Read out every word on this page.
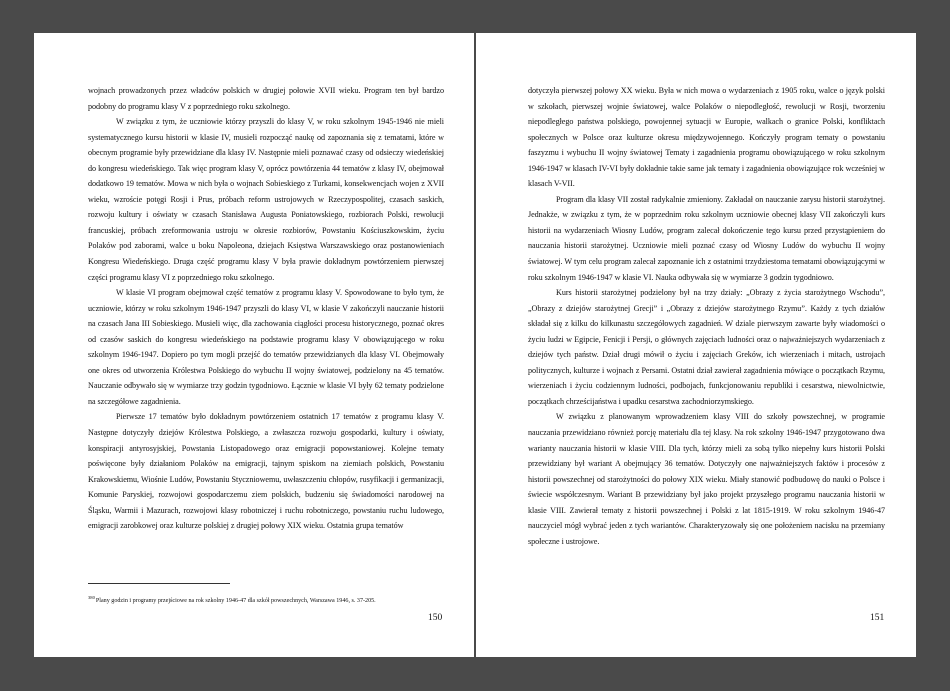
wojnach prowadzonych przez władców polskich w drugiej połowie XVII wieku. Program ten był bardzo podobny do programu klasy V z poprzedniego roku szkolnego.

W związku z tym, że uczniowie którzy przyszli do klasy V, w roku szkolnym 1945-1946 nie mieli systematycznego kursu historii w klasie IV, musieli rozpocząć naukę od zapoznania się z tematami, które w obecnym programie były przewidziane dla klasy IV. Następnie mieli poznawać czasy od odsieczy wiedeńskiej do kongresu wiedeńskiego. Tak więc program klasy V, oprócz powtórzenia 44 tematów z klasy IV, obejmował dodatkowo 19 tematów. Mowa w nich była o wojnach Sobieskiego z Turkami, konsekwencjach wojen z XVII wieku, wzroście potęgi Rosji i Prus, próbach reform ustrojowych w Rzeczypospolitej, czasach saskich, rozwoju kultury i oświaty w czasach Stanisława Augusta Poniatowskiego, rozbiorach Polski, rewolucji francuskiej, próbach zreformowania ustroju w okresie rozbiorów, Powstaniu Kościuszkowskim, życiu Polaków pod zaborami, walce u boku Napoleona, dziejach Księstwa Warszawskiego oraz postanowieniach Kongresu Wiedeńskiego. Druga część programu klasy V była prawie dokładnym powtórzeniem pierwszej części programu klasy VI z poprzedniego roku szkolnego.

W klasie VI program obejmował część tematów z programu klasy V. Spowodowane to było tym, że uczniowie, którzy w roku szkolnym 1946-1947 przyszli do klasy VI, w klasie V zakończyli nauczanie historii na czasach Jana III Sobieskiego. Musieli więc, dla zachowania ciągłości procesu historycznego, poznać okres od czasów saskich do kongresu wiedeńskiego na podstawie programu klasy V obowiązującego w roku szkolnym 1946-1947. Dopiero po tym mogli przejść do tematów przewidzianych dla klasy VI. Obejmowały one okres od utworzenia Królestwa Polskiego do wybuchu II wojny światowej, podzielony na 45 tematów. Nauczanie odbywało się w wymiarze trzy godzin tygodniowo. Łącznie w klasie VI były 62 tematy podzielone na szczegółowe zagadnienia.

Pierwsze 17 tematów było dokładnym powtórzeniem ostatnich 17 tematów z programu klasy V. Następne dotyczyły dziejów Królestwa Polskiego, a zwłaszcza rozwoju gospodarki, kultury i oświaty, konspiracji antyrosyjskiej, Powstania Listopadowego oraz emigracji popowstaniowej. Kolejne tematy poświęcone były działaniom Polaków na emigracji, tajnym spiskom na ziemiach polskich, Powstaniu Krakowskiemu, Wiośnie Ludów, Powstaniu Styczniowemu, uwłaszczeniu chłopów, rusyfikacji i germanizacji, Komunie Paryskiej, rozwojowi gospodarczemu ziem polskich, budzeniu się świadomości narodowej na Śląsku, Warmii i Mazurach, rozwojowi klasy robotniczej i ruchu robotniczego, powstaniu ruchu ludowego, emigracji zarobkowej oraz kulturze polskiej z drugiej połowy XIX wieku. Ostatnia grupa tematów

$^{380}$Plany godzin i programy przejściowe na rok szkolny 1946-47 dla szkół powszechnych, Warszawa 1946, s. 37-205.
150

dotyczyła pierwszej połowy XX wieku. Była w nich mowa o wydarzeniach z 1905 roku, walce o język polski w szkołach, pierwszej wojnie światowej, walce Polaków o niepodległość, rewolucji w Rosji, tworzeniu niepodległego państwa polskiego, powojennej sytuacji w Europie, walkach o granice Polski, konfliktach społecznych w Polsce oraz kulturze okresu międzywojennego. Kończyły program tematy o powstaniu faszyzmu i wybuchu II wojny światowej Tematy i zagadnienia programu obowiązującego w roku szkolnym 1946-1947 w klasach IV-VI były dokładnie takie same jak tematy i zagadnienia obowiązujące rok wcześniej w klasach V-VII.

Program dla klasy VII został radykalnie zmieniony. Zakładał on nauczanie zarysu historii starożytnej. Jednakże, w związku z tym, że w poprzednim roku szkolnym uczniowie obecnej klasy VII zakończyli kurs historii na wydarzeniach Wiosny Ludów, program zalecał dokończenie tego kursu przed przystąpieniem do nauczania historii starożytnej. Uczniowie mieli poznać czasy od Wiosny Ludów do wybuchu II wojny światowej. W tym celu program zalecał zapoznanie ich z ostatnimi trzydziestoma tematami obowiązującymi w roku szkolnym 1946-1947 w klasie VI. Nauka odbywała się w wymiarze 3 godzin tygodniowo.

Kurs historii starożytnej podzielony był na trzy działy: „Obrazy z życia starożytnego Wschodu”, „Obrazy z dziejów starożytnej Grecji” i „Obrazy z dziejów starożytnego Rzymu”. Każdy z tych działów składał się z kilku do kilkunastu szczegółowych zagadnień. W dziale pierwszym zawarte były wiadomości o życiu ludzi w Egipcie, Fenicji i Persji, o głównych zajęciach ludności oraz o najważniejszych wydarzeniach z dziejów tych państw. Dział drugi mówił o życiu i zajęciach Greków, ich wierzeniach i mitach, ustrojach politycznych, kulturze i wojnach z Persami. Ostatni dział zawierał zagadnienia mówiące o początkach Rzymu, wierzeniach i życiu codziennym ludności, podbojach, funkcjonowaniu republiki i cesarstwa, niewolnictwie, początkach chrześcijaństwa i upadku cesarstwa zachodniorzymskiego.

W związku z planowanym wprowadzeniem klasy VIII do szkoły powszechnej, w programie nauczania przewidziano również porcję materiału dla tej klasy. Na rok szkolny 1946-1947 przygotowano dwa warianty nauczania historii w klasie VIII. Dla tych, którzy mieli za sobą tylko niepełny kurs historii Polski przewidziany był wariant A obejmujący 36 tematów. Dotyczyły one najważniejszych faktów i procesów z historii powszechnej od starożytności do połowy XIX wieku. Miały stanowić podbudowę do nauki o Polsce i świecie współczesnym. Wariant B przewidziany był jako projekt przyszłego programu nauczania historii w klasie VIII. Zawierał tematy z historii powszechnej i Polski z lat 1815-1919. W roku szkolnym 1946-47 nauczyciel mógł wybrać jeden z tych wariantów. Charakteryzowały się one położeniem nacisku na przemiany społeczne i ustrojowe.

151
